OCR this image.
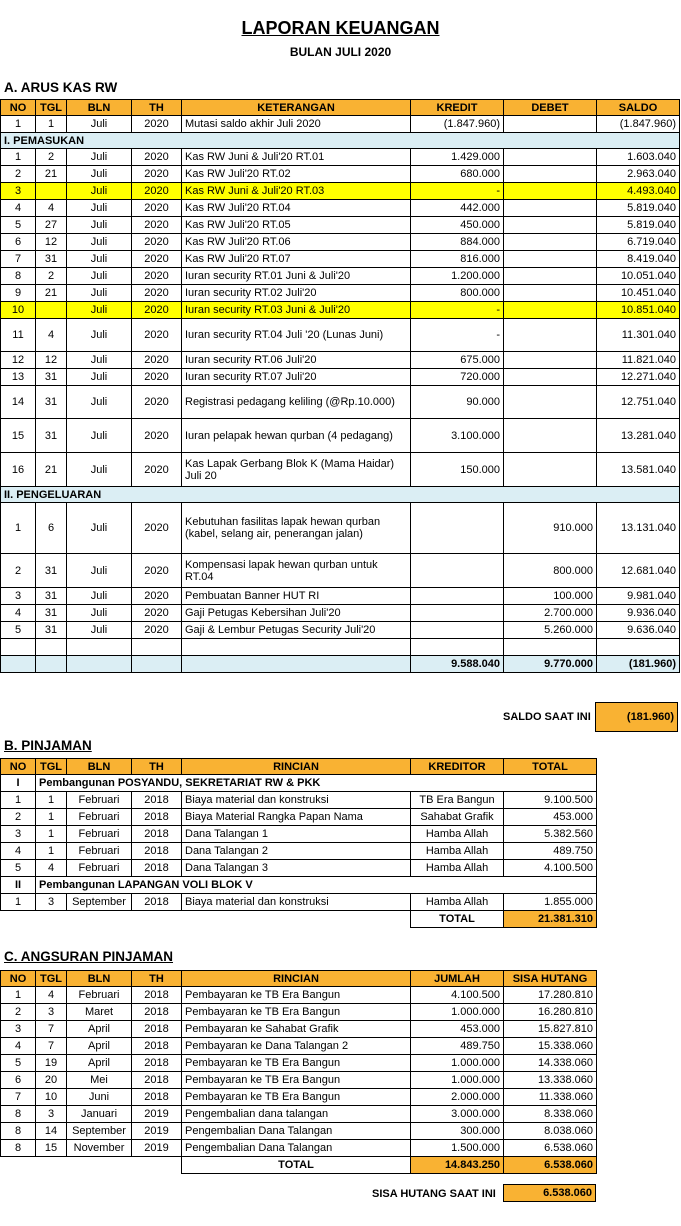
LAPORAN KEUANGAN
BULAN JULI 2020
A. ARUS KAS RW
NO	TGL	BLN	TH	KETERANGAN	KREDIT	DEBET	SALDO
1	1	Juli	2020	Mutasi saldo akhir Juli 2020	(1.847.960)		(1.847.960)
I. PEMASUKAN							
1	2	Juli	2020	Kas RW Juni & Juli'20 RT.01	1.429.000		1.603.040
2	21	Juli	2020	Kas RW Juli'20 RT.02	680.000		2.963.040
3		Juli	2020	Kas RW Juni & Juli'20 RT.03	-		4.493.040
4	4	Juli	2020	Kas RW Juli'20 RT.04	442.000		5.819.040
5	27	Juli	2020	Kas RW Juli'20 RT.05	450.000		5.819.040
6	12	Juli	2020	Kas RW Juli'20 RT.06	884.000		6.719.040
7	31	Juli	2020	Kas RW Juli'20 RT.07	816.000		8.419.040
8	2	Juli	2020	Iuran security RT.01 Juni & Juli'20	1.200.000		10.051.040
9	21	Juli	2020	Iuran security RT.02 Juli'20	800.000		10.451.040
10		Juli	2020	Iuran security RT.03 Juni & Juli'20	-		10.851.040
11	4	Juli	2020	Iuran security RT.04 Juli '20 (Lunas Juni)	-		11.301.040
12	12	Juli	2020	Iuran security RT.06 Juli'20	675.000		11.821.040
13	31	Juli	2020	Iuran security RT.07 Juli'20	720.000		12.271.040
14	31	Juli	2020	Registrasi pedagang keliling (@Rp.10.000)	90.000		12.751.040
15	31	Juli	2020	Iuran pelapak hewan qurban (4 pedagang)	3.100.000		13.281.040
16	21	Juli	2020	Kas Lapak Gerbang Blok K (Mama Haidar) Juli 20	150.000		13.581.040
II. PENGELUARAN							
1	6	Juli	2020	Kebutuhan fasilitas lapak hewan qurban (kabel, selang air, penerangan jalan)		910.000	13.131.040
2	31	Juli	2020	Kompensasi lapak hewan qurban untuk RT.04		800.000	12.681.040
3	31	Juli	2020	Pembuatan Banner HUT RI		100.000	9.981.040
4	31	Juli	2020	Gaji Petugas Kebersihan Juli'20		2.700.000	9.936.040
5	31	Juli	2020	Gaji & Lembur Petugas Security Juli'20		5.260.000	9.636.040

					9.588.040	9.770.000	(181.960)
SALDO SAAT INI	(181.960)
B. PINJAMAN
NO	TGL	BLN	TH	RINCIAN	KREDITOR	TOTAL
I	Pembangunan POSYANDU, SEKRETARIAT RW & PKK					
1	1	Februari	2018	Biaya material dan konstruksi	TB Era Bangun	9.100.500
2	1	Februari	2018	Biaya Material Rangka Papan Nama	Sahabat Grafik	453.000
3	1	Februari	2018	Dana Talangan 1	Hamba Allah	5.382.560
4	1	Februari	2018	Dana Talangan 2	Hamba Allah	489.750
5	4	Februari	2018	Dana Talangan 3	Hamba Allah	4.100.500
II	Pembangunan LAPANGAN VOLI BLOK V					
1	3	September	2018	Biaya material dan konstruksi	Hamba Allah	1.855.000
					TOTAL	21.381.310
C. ANGSURAN PINJAMAN
NO	TGL	BLN	TH	RINCIAN	JUMLAH	SISA HUTANG
1	4	Februari	2018	Pembayaran ke TB Era Bangun	4.100.500	17.280.810
2	3	Maret	2018	Pembayaran ke TB Era Bangun	1.000.000	16.280.810
3	7	April	2018	Pembayaran ke Sahabat Grafik	453.000	15.827.810
4	7	April	2018	Pembayaran ke Dana Talangan 2	489.750	15.338.060
5	19	April	2018	Pembayaran ke TB Era Bangun	1.000.000	14.338.060
6	20	Mei	2018	Pembayaran ke TB Era Bangun	1.000.000	13.338.060
7	10	Juni	2018	Pembayaran ke TB Era Bangun	2.000.000	11.338.060
8	3	Januari	2019	Pengembalian dana talangan	3.000.000	8.338.060
8	14	September	2019	Pengembalian Dana Talangan	300.000	8.038.060
8	15	November	2019	Pengembalian Dana Talangan	1.500.000	6.538.060
				TOTAL	14.843.250	6.538.060
SISA HUTANG SAAT INI	6.538.060
